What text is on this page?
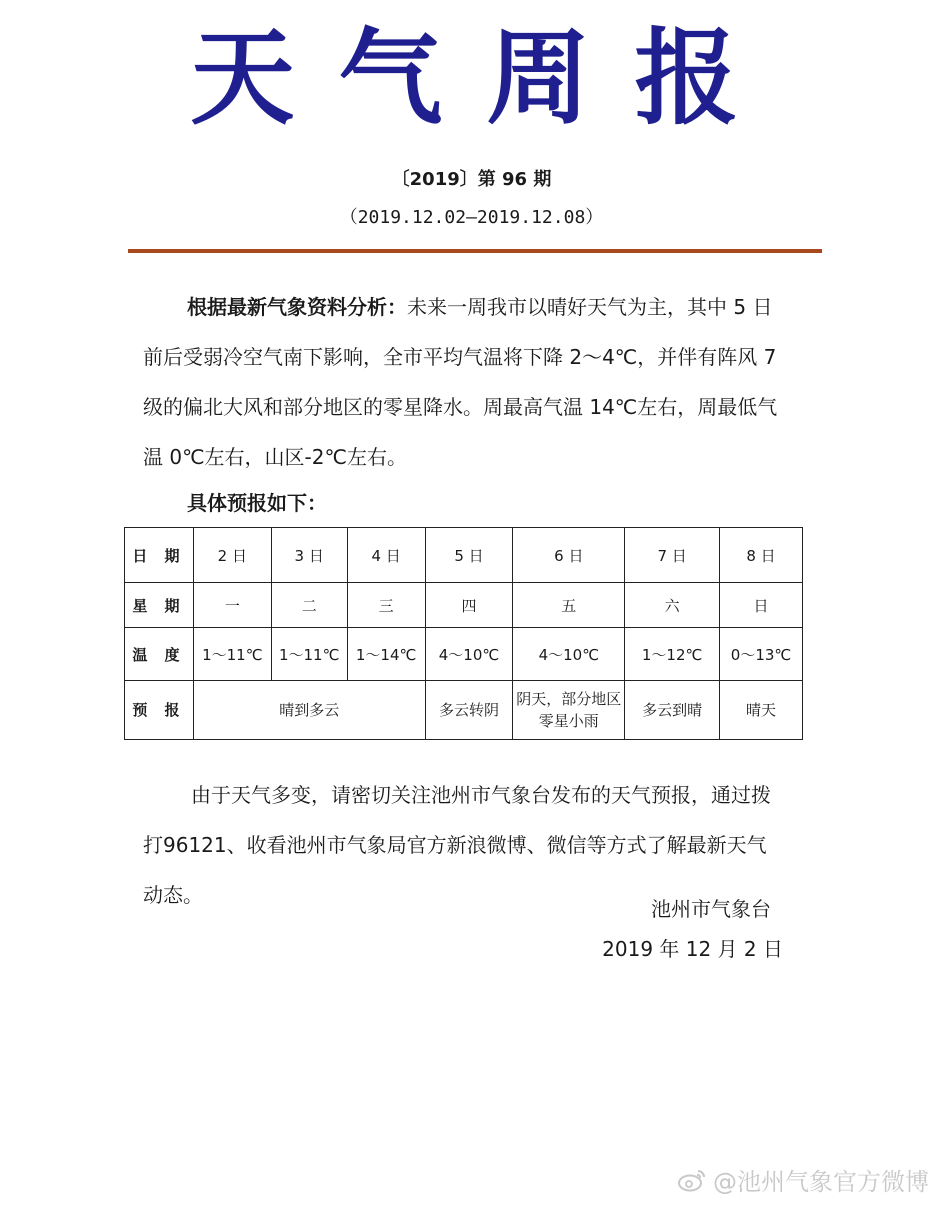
天气周报
〔2019〕第 96 期
（2019.12.02—2019.12.08）
根据最新气象资料分析：未来一周我市以晴好天气为主，其中 5 日前后受弱冷空气南下影响，全市平均气温将下降 2～4℃，并伴有阵风 7 级的偏北大风和部分地区的零星降水。周最高气温 14℃左右，周最低气温 0℃左右，山区-2℃左右。
具体预报如下：
日 期	2 日	3 日	4 日	5 日	6 日	7 日	8 日
星 期	一	二	三	四	五	六	日
温 度	1～11℃	1～11℃	1～14℃	4～10℃	4～10℃	1～12℃	0～13℃
预 报	晴到多云			多云转阴	阴天，部分地区零星小雨	多云到晴	晴天
由于天气多变，请密切关注池州市气象台发布的天气预报，通过拨打96121、收看池州市气象局官方新浪微博、微信等方式了解最新天气动态。
池州市气象台
2019 年 12 月 2 日
@池州气象官方微博
